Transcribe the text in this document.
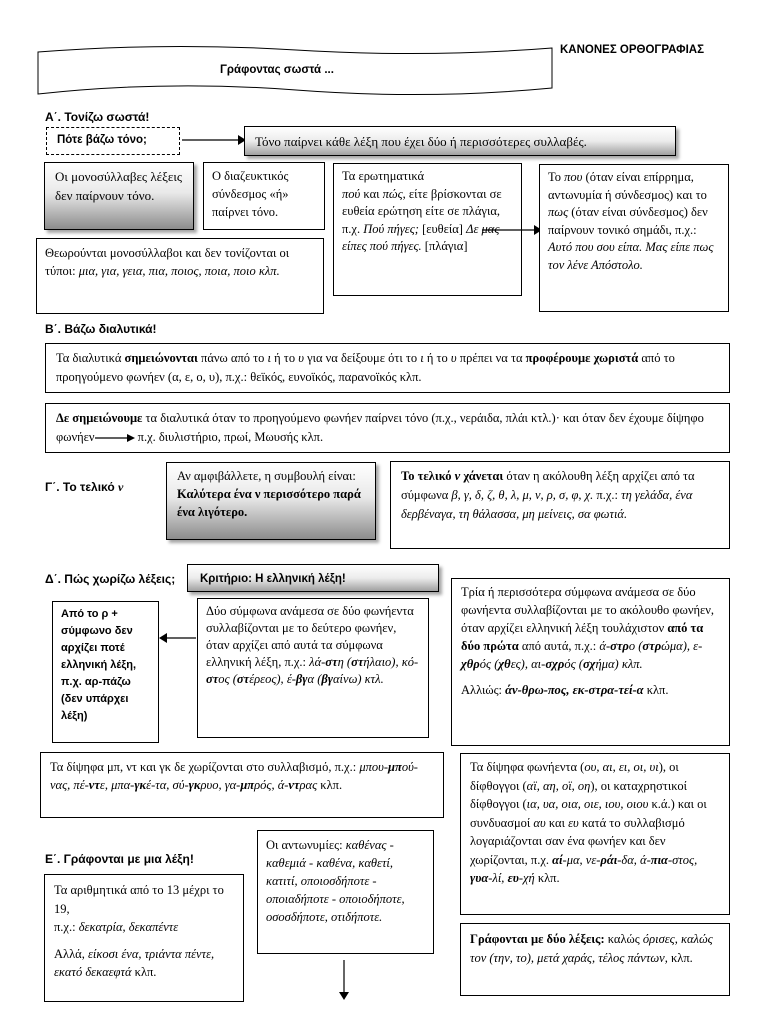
ΚΑΝΟΝΕΣ ΟΡΘΟΓΡΑΦΙΑΣ
Γράφοντας σωστά ...
Α΄. Τονίζω σωστά!
Πότε βάζω τόνο;	Τόνο παίρνει κάθε λέξη που έχει δύο ή περισσότερες συλλαβές.
Οι μονοσύλλαβες λέξεις δεν παίρνουν τόνο.
Ο διαζευκτικός σύνδεσμος «ή» παίρνει τόνο.
Τα ερωτηματικά
πού και πώς, είτε βρίσκονται σε ευθεία ερώτηση είτε σε πλάγια, π.χ. Πού πήγες; [ευθεία] Δε μας είπες πού πήγες. [πλάγια]
Το που (όταν είναι επίρρημα, αντωνυμία ή σύνδεσμος) και το πως (όταν είναι σύνδεσμος) δεν παίρνουν τονικό σημάδι, π.χ.: Αυτό που σου είπα. Μας είπε πως τον λένε Απόστολο.
Θεωρούνται μονοσύλλαβοι και δεν τονίζονται οι τύποι: μια, για, γεια, πια, ποιος, ποια, ποιο κλπ.
Β΄. Βάζω διαλυτικά!
Τα διαλυτικά σημειώνονται πάνω από το ι ή το υ για να δείξουμε ότι το ι ή το υ πρέπει να τα προφέρουμε χωριστά από το προηγούμενο φωνήεν (α, ε, ο, υ), π.χ.: θεϊκός, ευνοϊκός, παρανοϊκός κλπ.
Δε σημειώνουμε τα διαλυτικά όταν το προηγούμενο φωνήεν παίρνει τόνο (π.χ., νεράιδα, πλάι κτλ.)· και όταν δεν έχουμε δίψηφο φωνήεν	π.χ. διυλιστήριο, πρωί, Μωυσής κλπ.
Γ΄. Το τελικό ν
Αν αμφιβάλλετε, η συμβουλή είναι: Καλύτερα ένα ν περισσότερο παρά ένα λιγότερο.
Το τελικό ν χάνεται όταν η ακόλουθη λέξη αρχίζει από τα σύμφωνα β, γ, δ, ζ, θ, λ, μ, ν, ρ, σ, φ, χ. π.χ.: τη γελάδα, ένα δερβέναγα, τη θάλασσα, μη μείνεις, σα φωτιά.
Δ΄. Πώς χωρίζω λέξεις;	Κριτήριο: Η ελληνική λέξη!
Από το ρ + σύμφωνο δεν αρχίζει ποτέ ελληνική λέξη, π.χ. αρ-πάζω (δεν υπάρχει λέξη)
Δύο σύμφωνα ανάμεσα σε δύο φωνήεντα συλλαβίζονται με το δεύτερο φωνήεν, όταν αρχίζει από αυτά τα σύμφωνα ελληνική λέξη, π.χ.: λά-στη (στήλαιο), κό-στος (στέρεος), έ-βγα (βγαίνω) κτλ.
Τρία ή περισσότερα σύμφωνα ανάμεσα σε δύο φωνήεντα συλλαβίζονται με το ακόλουθο φωνήεν, όταν αρχίζει ελληνική λέξη τουλάχιστον από τα δύο πρώτα από αυτά, π.χ.: ά-στρο (στρώμα), ε-χθρός (χθες), αι-σχρός (σχήμα) κλπ.
Αλλιώς: άν-θρω-πος, εκ-στρα-τεί-α κλπ.
Τα δίψηφα μπ, ντ και γκ δε χωρίζονται στο συλλαβισμό, π.χ.: μπου-μπού-νας, πέ-ντε, μπα-γκέ-τα, σύ-γκρυο, γα-μπρός, ά-ντρας κλπ.
Τα δίψηφα φωνήεντα (ου, αι, ει, οι, υι), οι δίφθογγοι (αϊ, αη, οϊ, οη), οι καταχρηστικοί δίφθογγοι (ια, υα, οια, οιε, ιου, οιου κ.ά.) και οι συνδυασμοί αυ και ευ κατά το συλλαβισμό λογαριάζονται σαν ένα φωνήεν και δεν χωρίζονται, π.χ. αί-μα, νε-ράι-δα, ά-πια-στος, γυα-λί, ευ-χή κλπ.
Ε΄. Γράφονται με μια λέξη!
Οι αντωνυμίες: καθένας - καθεμιά - καθένα, καθετί, κατιτί, οποιοσδήποτε - οποιαδήποτε - οποιοδήποτε, οσοσδήποτε, οτιδήποτε.
Τα αριθμητικά από το 13 μέχρι το 19,
π.χ.: δεκατρία, δεκαπέντε
Αλλά, είκοσι ένα, τριάντα πέντε, εκατό δεκαεφτά κλπ.
Γράφονται με δύο λέξεις: καλώς όρισες, καλώς τον (την, το), μετά χαράς, τέλος πάντων, κλπ.
